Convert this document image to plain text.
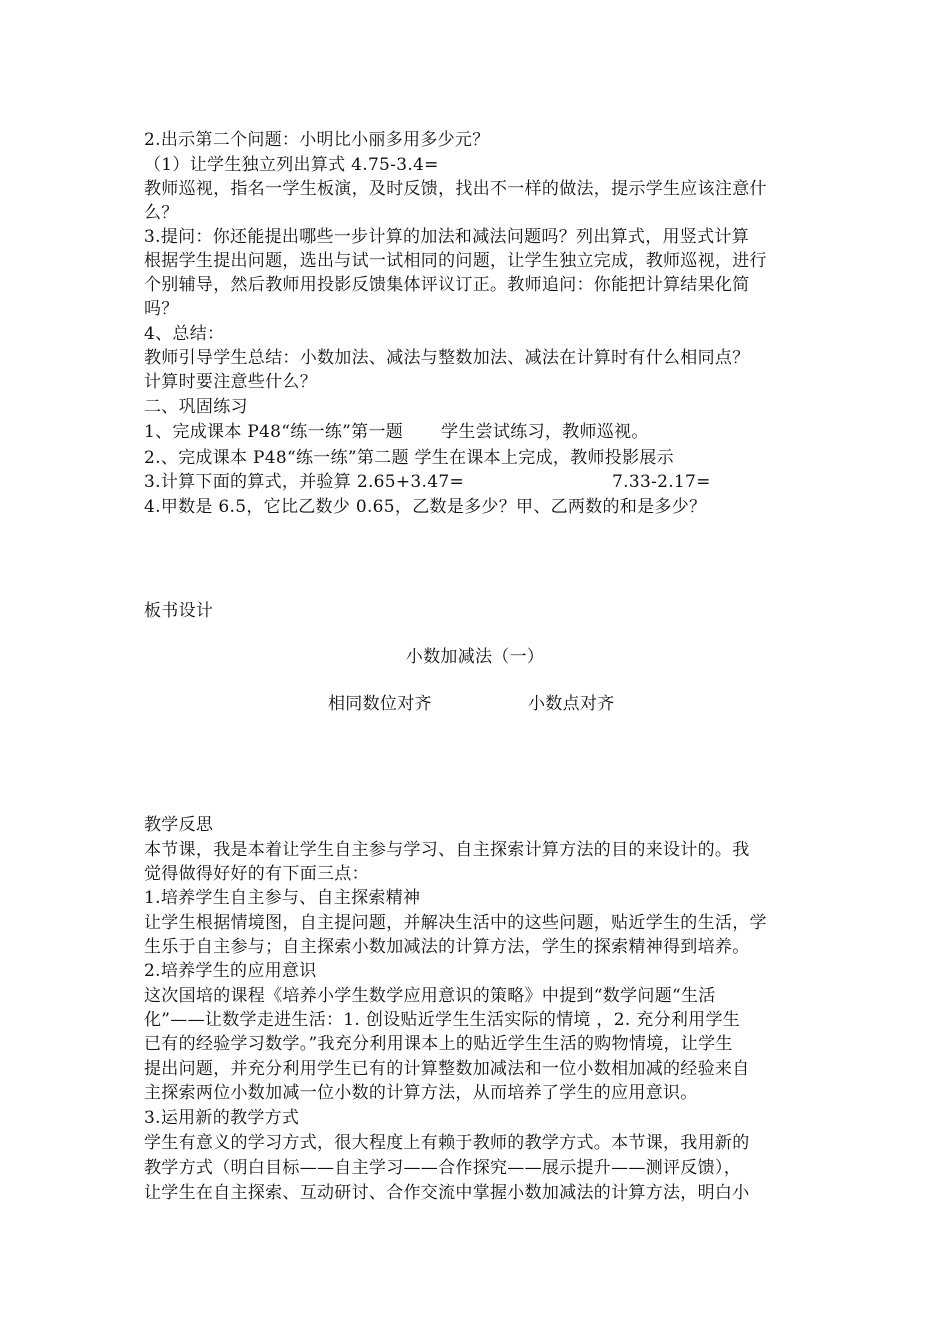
2.出示第二个问题：小明比小丽多用多少元？
（1）让学生独立列出算式 4.75-3.4=
教师巡视，指名一学生板演，及时反馈，找出不一样的做法，提示学生应该注意什
么？
3.提问：你还能提出哪些一步计算的加法和减法问题吗？列出算式，用竖式计算
根据学生提出问题，选出与试一试相同的问题，让学生独立完成，教师巡视，进行
个别辅导，然后教师用投影反馈集体评议订正。教师追问：你能把计算结果化简
吗？
4、总结：
教师引导学生总结：小数加法、减法与整数加法、减法在计算时有什么相同点？
计算时要注意些什么？
二、巩固练习
1、完成课本 P48“练一练”第一题 学生尝试练习，教师巡视。
2.、完成课本 P48“练一练”第二题 学生在课本上完成，教师投影展示
3.计算下面的算式，并验算 2.65+3.47=	7.33-2.17=
4.甲数是 6.5，它比乙数少 0.65，乙数是多少？甲、乙两数的和是多少？
板书设计
小数加减法（一）
相同数位对齐	小数点对齐
教学反思
本节课，我是本着让学生自主参与学习、自主探索计算方法的目的来设计的。我
觉得做得好好的有下面三点：
1.培养学生自主参与、自主探索精神
让学生根据情境图，自主提问题，并解决生活中的这些问题，贴近学生的生活，学
生乐于自主参与；自主探索小数加减法的计算方法，学生的探索精神得到培养。
2.培养学生的应用意识
这次国培的课程《培养小学生数学应用意识的策略》中提到“数学问题“生活
化”——让数学走进生活：1. 创设贴近学生生活实际的情境 ，2. 充分利用学生
已有的经验学习数学。”我充分利用课本上的贴近学生生活的购物情境，让学生
提出问题，并充分利用学生已有的计算整数加减法和一位小数相加减的经验来自
主探索两位小数加减一位小数的计算方法，从而培养了学生的应用意识。
3.运用新的教学方式
学生有意义的学习方式，很大程度上有赖于教师的教学方式。本节课，我用新的
教学方式（明白目标——自主学习——合作探究——展示提升——测评反馈），
让学生在自主探索、互动研讨、合作交流中掌握小数加减法的计算方法，明白小
